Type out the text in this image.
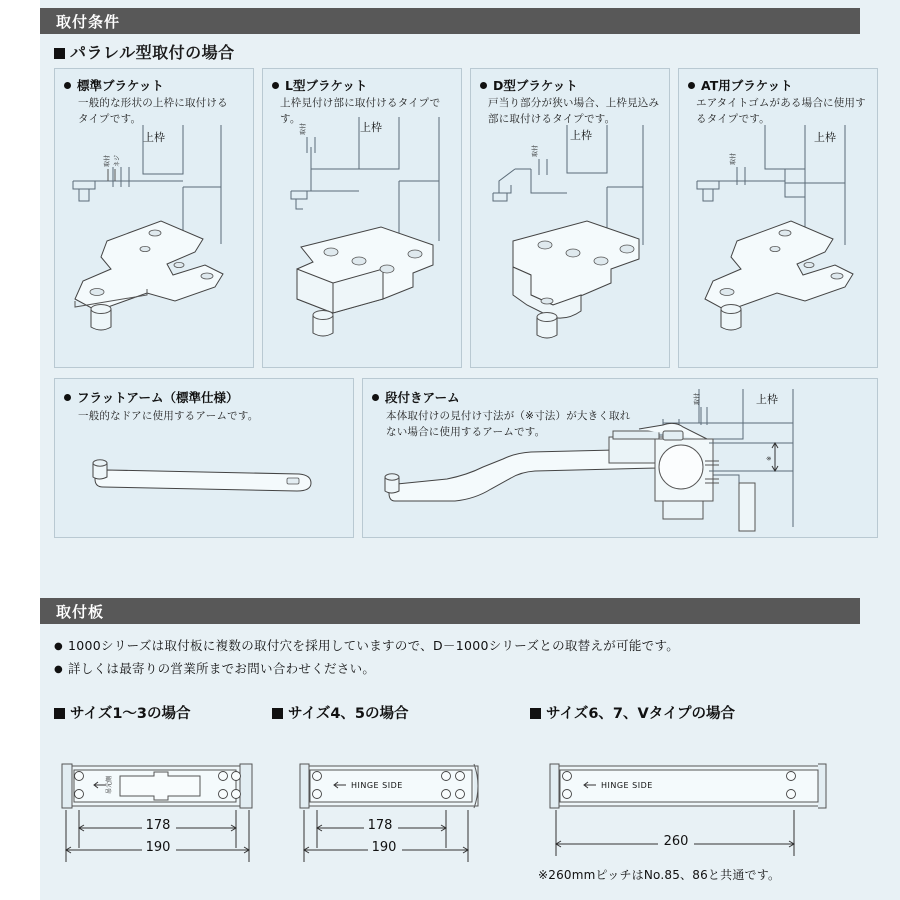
取付条件
パラレル型取付の場合
上枠
取付 ネジ
標準ブラケット
一般的な形状の上枠に取付けるタイプです。
上枠
取付
L型ブラケット
上枠見付け部に取付けるタイプです。
上枠
取付
D型ブラケット
戸当り部分が狭い場合、上枠見込み部に取付けるタイプです。
上枠
取付
AT用ブラケット
エアタイトゴムがある場合に使用するタイプです。
フラットアーム（標準仕様）
一般的なドアに使用するアームです。
上枠
取付
※
段付きアーム
本体取付けの見付け寸法が（※寸法）が大きく取れない場合に使用するアームです。
取付板
● 1000シリーズは取付板に複数の取付穴を採用していますので、D－1000シリーズとの取替えが可能です。
● 詳しくは最寄りの営業所までお問い合わせください。
サイズ1～3の場合	サイズ4、5の場合	サイズ6、7、Vタイプの場合
吊元側
178
190
HINGE SIDE
178
190
HINGE SIDE
260
※260mmピッチはNo.85、86と共通です。
